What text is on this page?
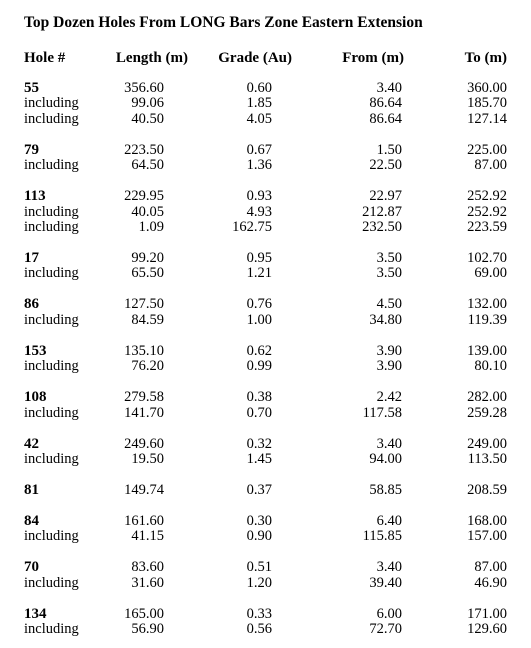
Top Dozen Holes From LONG Bars Zone Eastern Extension
Hole #	Length (m) Grade (Au)	From (m)	To (m)
55	356.60	0.60	3.40	360.00
including	99.06	1.85	86.64	185.70
including	40.50	4.05	86.64	127.14
79	223.50	0.67	1.50	225.00
including	64.50	1.36	22.50	87.00
113	229.95	0.93	22.97	252.92
including	40.05	4.93	212.87	252.92
including	1.09	162.75	232.50	223.59
17	99.20	0.95	3.50	102.70
including	65.50	1.21	3.50	69.00
86	127.50	0.76	4.50	132.00
including	84.59	1.00	34.80	119.39
153	135.10	0.62	3.90	139.00
including	76.20	0.99	3.90	80.10
108	279.58	0.38	2.42	282.00
including	141.70	0.70	117.58	259.28
42	249.60	0.32	3.40	249.00
including	19.50	1.45	94.00	113.50
81	149.74	0.37	58.85	208.59
84	161.60	0.30	6.40	168.00
including	41.15	0.90	115.85	157.00
70	83.60	0.51	3.40	87.00
including	31.60	1.20	39.40	46.90
134	165.00	0.33	6.00	171.00
including	56.90	0.56	72.70	129.60
